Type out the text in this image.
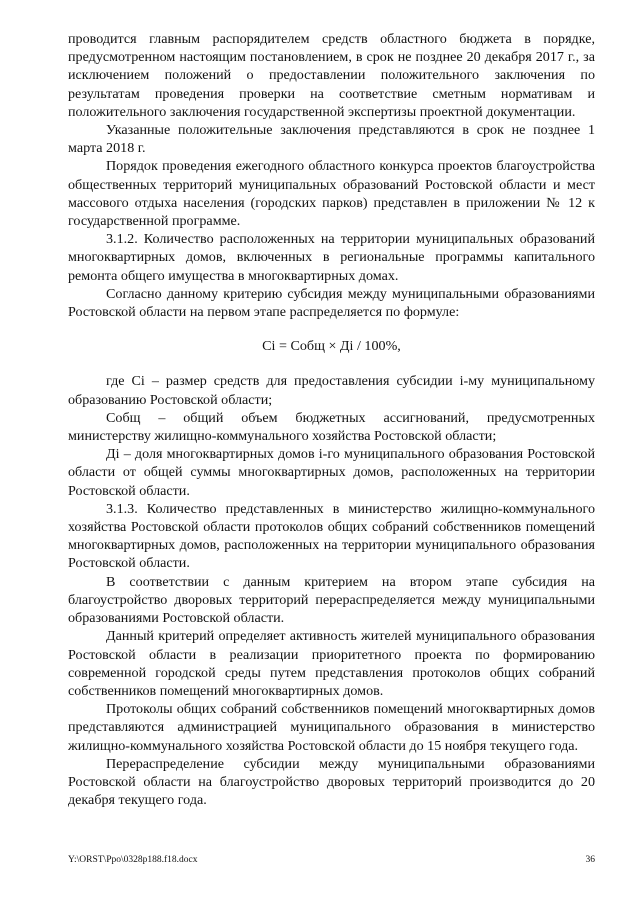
проводится главным распорядителем средств областного бюджета в порядке, предусмотренном настоящим постановлением, в срок не позднее 20 декабря 2017 г., за исключением положений о предоставлении положительного заключения по результатам проведения проверки на соответствие сметным нормативам и положительного заключения государственной экспертизы проектной документации.

Указанные положительные заключения представляются в срок не позднее 1 марта 2018 г.

Порядок проведения ежегодного областного конкурса проектов благоустройства общественных территорий муниципальных образований Ростовской области и мест массового отдыха населения (городских парков) представлен в приложении № 12 к государственной программе.

3.1.2. Количество расположенных на территории муниципальных образований многоквартирных домов, включенных в региональные программы капитального ремонта общего имущества в многоквартирных домах.

Согласно данному критерию субсидия между муниципальными образованиями Ростовской области на первом этапе распределяется по формуле:

Сi = Собщ × Дi / 100%,

где Сi – размер средств для предоставления субсидии i-му муниципальному образованию Ростовской области;

Собщ – общий объем бюджетных ассигнований, предусмотренных министерству жилищно-коммунального хозяйства Ростовской области;

Дi – доля многоквартирных домов i-го муниципального образования Ростовской области от общей суммы многоквартирных домов, расположенных на территории Ростовской области.

3.1.3. Количество представленных в министерство жилищно-коммунального хозяйства Ростовской области протоколов общих собраний собственников помещений многоквартирных домов, расположенных на территории муниципального образования Ростовской области.

В соответствии с данным критерием на втором этапе субсидия на благоустройство дворовых территорий перераспределяется между муниципальными образованиями Ростовской области.

Данный критерий определяет активность жителей муниципального образования Ростовской области в реализации приоритетного проекта по формированию современной городской среды путем представления протоколов общих собраний собственников помещений многоквартирных домов.

Протоколы общих собраний собственников помещений многоквартирных домов представляются администрацией муниципального образования в министерство жилищно-коммунального хозяйства Ростовской области до 15 ноября текущего года.

Перераспределение субсидии между муниципальными образованиями Ростовской области на благоустройство дворовых территорий производится до 20 декабря текущего года.

Y:\ORST\Ppo\0328p188.f18.docx	36
